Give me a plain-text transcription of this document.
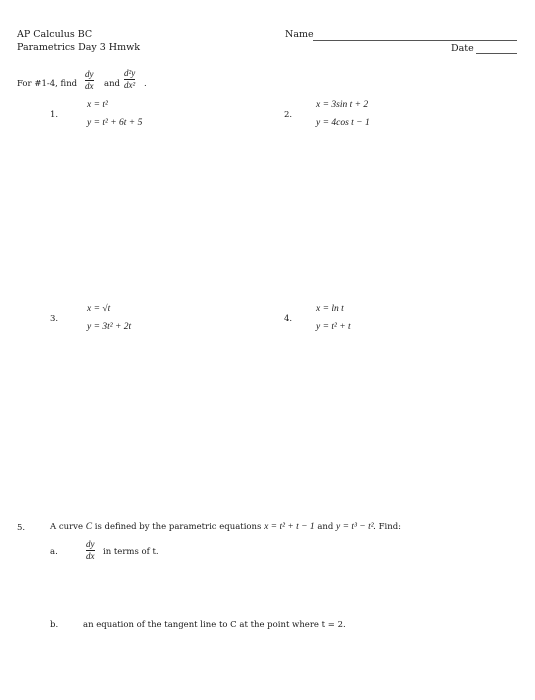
AP Calculus BC
Parametrics Day 3 Hmwk
Name
Date
For #1-4, find
dy
dx and
d²y
dx² .
1.
x = t²
y = t² + 6t + 5
2.
x = 3sin t + 2
y = 4cos t − 1
3.
x = √t
y = 3t² + 2t
4.
x = ln t
y = t² + t
5.	A curve C is defined by the parametric equations x = t² + t − 1 and y = t³ − t². Find:
a.
dy
dx in terms of t.
b.	an equation of the tangent line to C at the point where t = 2.
